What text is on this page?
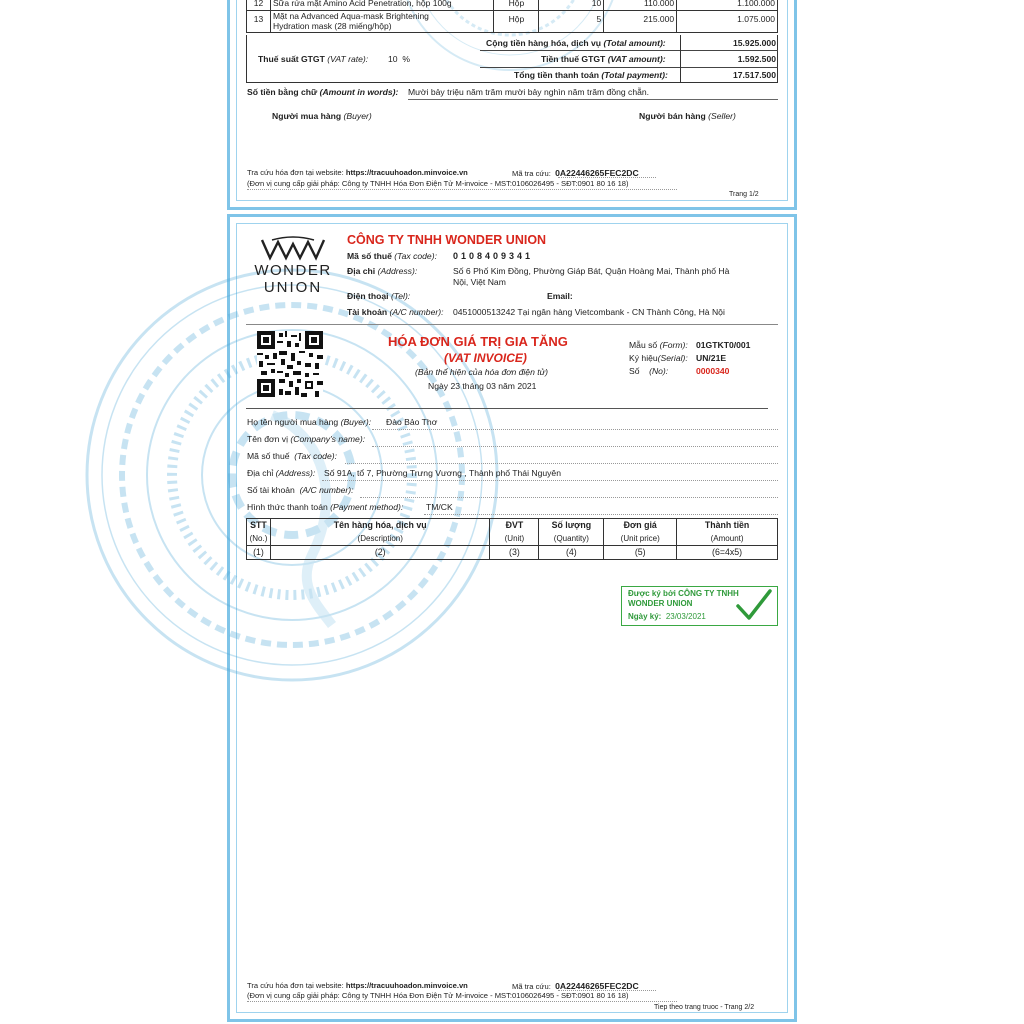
12	Sữa rửa mặt Amino Acid Penetration, hộp 100g	Hộp	10	110.000	1.100.000
13	Mặt na Advanced Aqua-mask Brightening
Hydration mask (28 miếng/hộp)	Hộp	5	215.000	1.075.000
Cộng tiền hàng hóa, dịch vụ (Total amount):	15.925.000
Thuế suất GTGT (VAT rate): 10 %	Tiền thuế GTGT (VAT amount):	1.592.500
Tổng tiền thanh toán (Total payment):	17.517.500
Số tiền bằng chữ (Amount in words): Mười bảy triệu năm trăm mười bảy nghìn năm trăm đồng chẵn.
Người mua hàng (Buyer)	Người bán hàng (Seller)
Tra cứu hóa đơn tại website: https://tracuuhoadon.minvoice.vn	Mã tra cứu: 0A22446265FEC2DC
(Đơn vị cung cấp giải pháp: Công ty TNHH Hóa Đơn Điện Tử M-invoice - MST:0106026495 - SĐT:0901 80 16 18)
Trang 1/2
WONDER
UNION
CÔNG TY TNHH WONDER UNION
Mã số thuế (Tax code): 0108409341
Địa chỉ (Address):	Số 6 Phố Kim Đồng, Phường Giáp Bát, Quận Hoàng Mai, Thành phố Hà
Nội, Việt Nam
Điện thoại (Tel):	Email:
Tài khoản (A/C number): 0451000513242 Tại ngân hàng Vietcombank - CN Thành Công, Hà Nội
HÓA ĐƠN GIÁ TRỊ GIA TĂNG
(VAT INVOICE)
(Bản thể hiện của hóa đơn điện tử)
Ngày 23 tháng 03 năm 2021
Mẫu số (Form): 01GTKT0/001
Ký hiệu(Serial): UN/21E
Số (No):	0000340
Họ tên người mua hàng (Buyer): Đào Bảo Thơ
Tên đơn vị (Company's name):
Mã số thuế (Tax code):
Địa chỉ (Address): Số 91A, tổ 7, Phường Trưng Vương , Thành phố Thái Nguyên
Số tài khoản (A/C number):
Hình thức thanh toán (Payment method):	TM/CK
STT	Tên hàng hóa, dịch vụ	ĐVT	Số lượng	Đơn giá	Thành tiền
(No.)	(Description)	(Unit)	(Quantity)	(Unit price)	(Amount)
(1)	(2)	(3)	(4)	(5)	(6=4x5)
Được ký bởi CÔNG TY TNHH
WONDER UNION
Ngày ký: 23/03/2021
Tra cứu hóa đơn tại website: https://tracuuhoadon.minvoice.vn	Mã tra cứu: 0A22446265FEC2DC
(Đơn vị cung cấp giải pháp: Công ty TNHH Hóa Đơn Điện Tử M-invoice - MST:0106026495 - SĐT:0901 80 16 18)
Tiep theo trang truoc - Trang 2/2
